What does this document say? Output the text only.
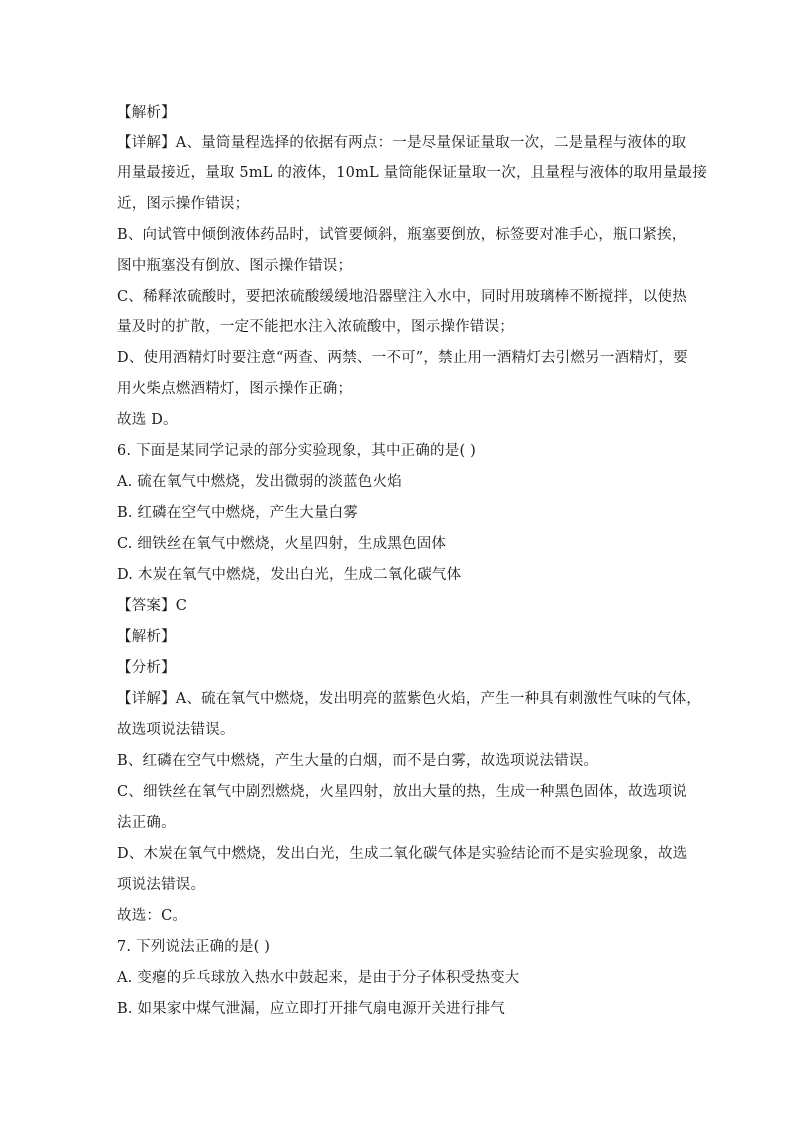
【解析】
【详解】A、量筒量程选择的依据有两点：一是尽量保证量取一次，二是量程与液体的取
用量最接近，量取 5mL 的液体，10mL 量筒能保证量取一次，且量程与液体的取用量最接
近，图示操作错误；
B、向试管中倾倒液体药品时，试管要倾斜，瓶塞要倒放，标签要对准手心，瓶口紧挨，
图中瓶塞没有倒放、图示操作错误；
C、稀释浓硫酸时，要把浓硫酸缓缓地沿器壁注入水中，同时用玻璃棒不断搅拌，以使热
量及时的扩散，一定不能把水注入浓硫酸中，图示操作错误；
D、使用酒精灯时要注意“两查、两禁、一不可”，禁止用一酒精灯去引燃另一酒精灯，要
用火柴点燃酒精灯，图示操作正确；
故选 D。
6. 下面是某同学记录的部分实验现象，其中正确的是( )
A. 硫在氧气中燃烧，发出微弱的淡蓝色火焰
B. 红磷在空气中燃烧，产生大量白雾
C. 细铁丝在氧气中燃烧，火星四射，生成黑色固体
D. 木炭在氧气中燃烧，发出白光，生成二氧化碳气体
【答案】C
【解析】
【分析】
【详解】A、硫在氧气中燃烧，发出明亮的蓝紫色火焰，产生一种具有刺激性气味的气体，
故选项说法错误。
B、红磷在空气中燃烧，产生大量的白烟，而不是白雾，故选项说法错误。
C、细铁丝在氧气中剧烈燃烧，火星四射，放出大量的热，生成一种黑色固体，故选项说
法正确。
D、木炭在氧气中燃烧，发出白光，生成二氧化碳气体是实验结论而不是实验现象，故选
项说法错误。
故选：C。
7. 下列说法正确的是( )
A. 变瘪的乒乓球放入热水中鼓起来，是由于分子体积受热变大
B. 如果家中煤气泄漏，应立即打开排气扇电源开关进行排气
